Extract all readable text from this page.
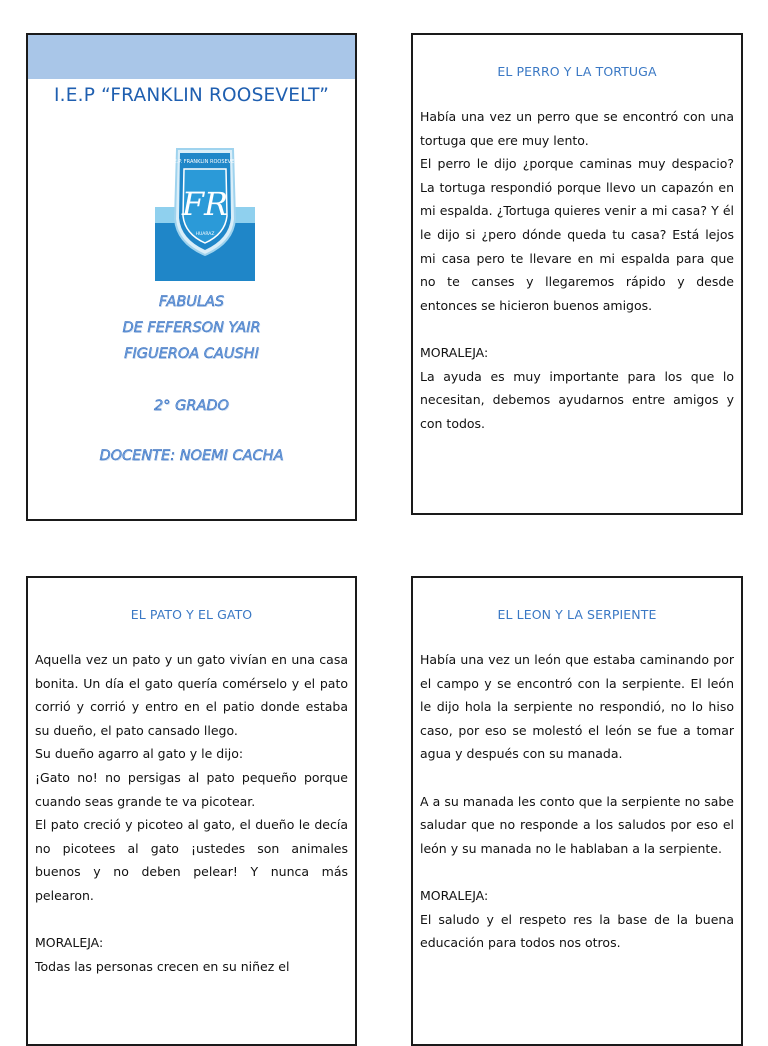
I.E.P “FRANKLIN ROOSEVELT”
I.E.P. FRANKLIN ROOSEVELT
FR
HUARAZ
FABULAS
DE FEFERSON YAIR
FIGUEROA CAUSHI
2° GRADO
DOCENTE: NOEMI CACHA
EL PERRO Y LA TORTUGA

Había una vez un perro que se encontró con una tortuga que ere muy lento.

El perro le dijo ¿porque caminas muy despacio? La tortuga respondió porque llevo un capazón en mi espalda. ¿Tortuga quieres venir a mi casa? Y él le dijo si ¿pero dónde queda tu casa? Está lejos mi casa pero te llevare en mi espalda para que no te canses y llegaremos rápido y desde entonces se hicieron buenos amigos.

MORALEJA:

La ayuda es muy importante para los que lo necesitan, debemos ayudarnos entre amigos y con todos.

EL PATO Y EL GATO

Aquella vez un pato y un gato vivían en una casa bonita. Un día el gato quería comérselo y el pato corrió y corrió y entro en el patio donde estaba su dueño, el pato cansado llego.

Su dueño agarro al gato y le dijo:

¡Gato no! no persigas al pato pequeño porque cuando seas grande te va picotear.

El pato creció y picoteo al gato, el dueño le decía no picotees al gato ¡ustedes son animales buenos y no deben pelear! Y nunca más pelearon.

MORALEJA:

Todas las personas crecen en su niñez el

EL LEON Y LA SERPIENTE

Había una vez un león que estaba caminando por el campo y se encontró con la serpiente. El león le dijo hola la serpiente no respondió, no lo hiso caso, por eso se molestó el león se fue a tomar agua y después con su manada.

A a su manada les conto que la serpiente no sabe saludar que no responde a los saludos por eso el león y su manada no le hablaban a la serpiente.

MORALEJA:

El saludo y el respeto res la base de la buena educación para todos nos otros.
